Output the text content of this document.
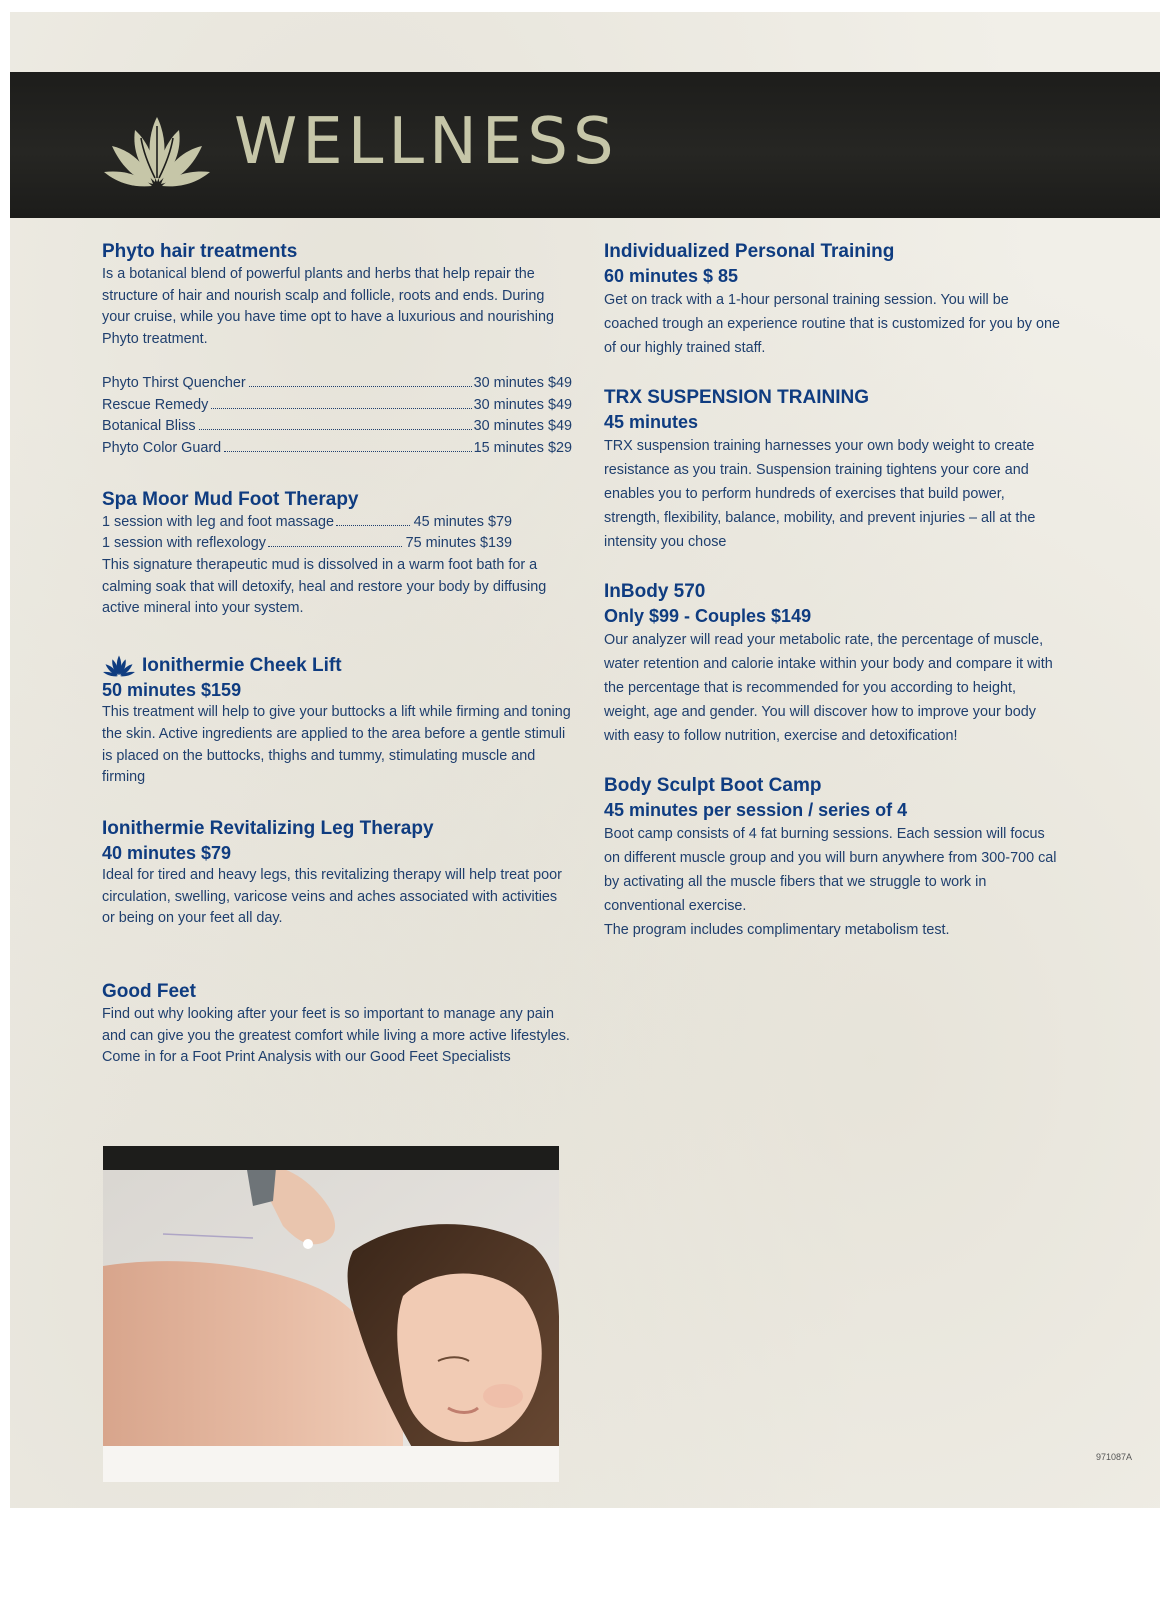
WELLNESS
Phyto hair treatments

Is a botanical blend of powerful plants and herbs that help repair the structure of hair and nourish scalp and follicle, roots and ends. During your cruise, while you have time opt to have a luxurious and nourishing Phyto treatment.

Phyto Thirst Quencher	30 minutes $49
Rescue Remedy	30 minutes $49
Botanical Bliss	30 minutes $49
Phyto Color Guard	15 minutes $29
Spa Moor Mud Foot Therapy
1 session with leg and foot massage	45 minutes $79
1 session with reflexology	75 minutes $139

This signature therapeutic mud is dissolved in a warm foot bath for a calming soak that will detoxify, heal and restore your body by diffusing active mineral into your system.

Ionithermie Cheek Lift
50 minutes $159

This treatment will help to give your buttocks a lift while firming and toning the skin. Active ingredients are applied to the area before a gentle stimuli is placed on the buttocks, thighs and tummy, stimulating muscle and firming

Ionithermie Revitalizing Leg Therapy
40 minutes $79

Ideal for tired and heavy legs, this revitalizing therapy will help treat poor circulation, swelling, varicose veins and aches associated with activities or being on your feet all day.

Good Feet

Find out why looking after your feet is so important to manage any pain and can give you the greatest comfort while living a more active lifestyles.

Come in for a Foot Print Analysis with our Good Feet Specialists

Individualized Personal Training
60 minutes $ 85

Get on track with a 1-hour personal training session. You will be coached trough an experience routine that is customized for you by one of our highly trained staff.

TRX SUSPENSION TRAINING
45 minutes

TRX suspension training harnesses your own body weight to create resistance as you train. Suspension training tightens your core and enables you to perform hundreds of exercises that build power, strength, flexibility, balance, mobility, and prevent injuries – all at the intensity you chose

InBody 570
Only $99 - Couples $149

Our analyzer will read your metabolic rate, the percentage of muscle, water retention and calorie intake within your body and compare it with the percentage that is recommended for you according to height, weight, age and gender. You will discover how to improve your body with easy to follow nutrition, exercise and detoxification!

Body Sculpt Boot Camp
45 minutes per session / series of 4

Boot camp consists of 4 fat burning sessions. Each session will focus on different muscle group and you will burn anywhere from 300-700 cal by activating all the muscle fibers that we struggle to work in conventional exercise.

The program includes complimentary metabolism test.

971087A
